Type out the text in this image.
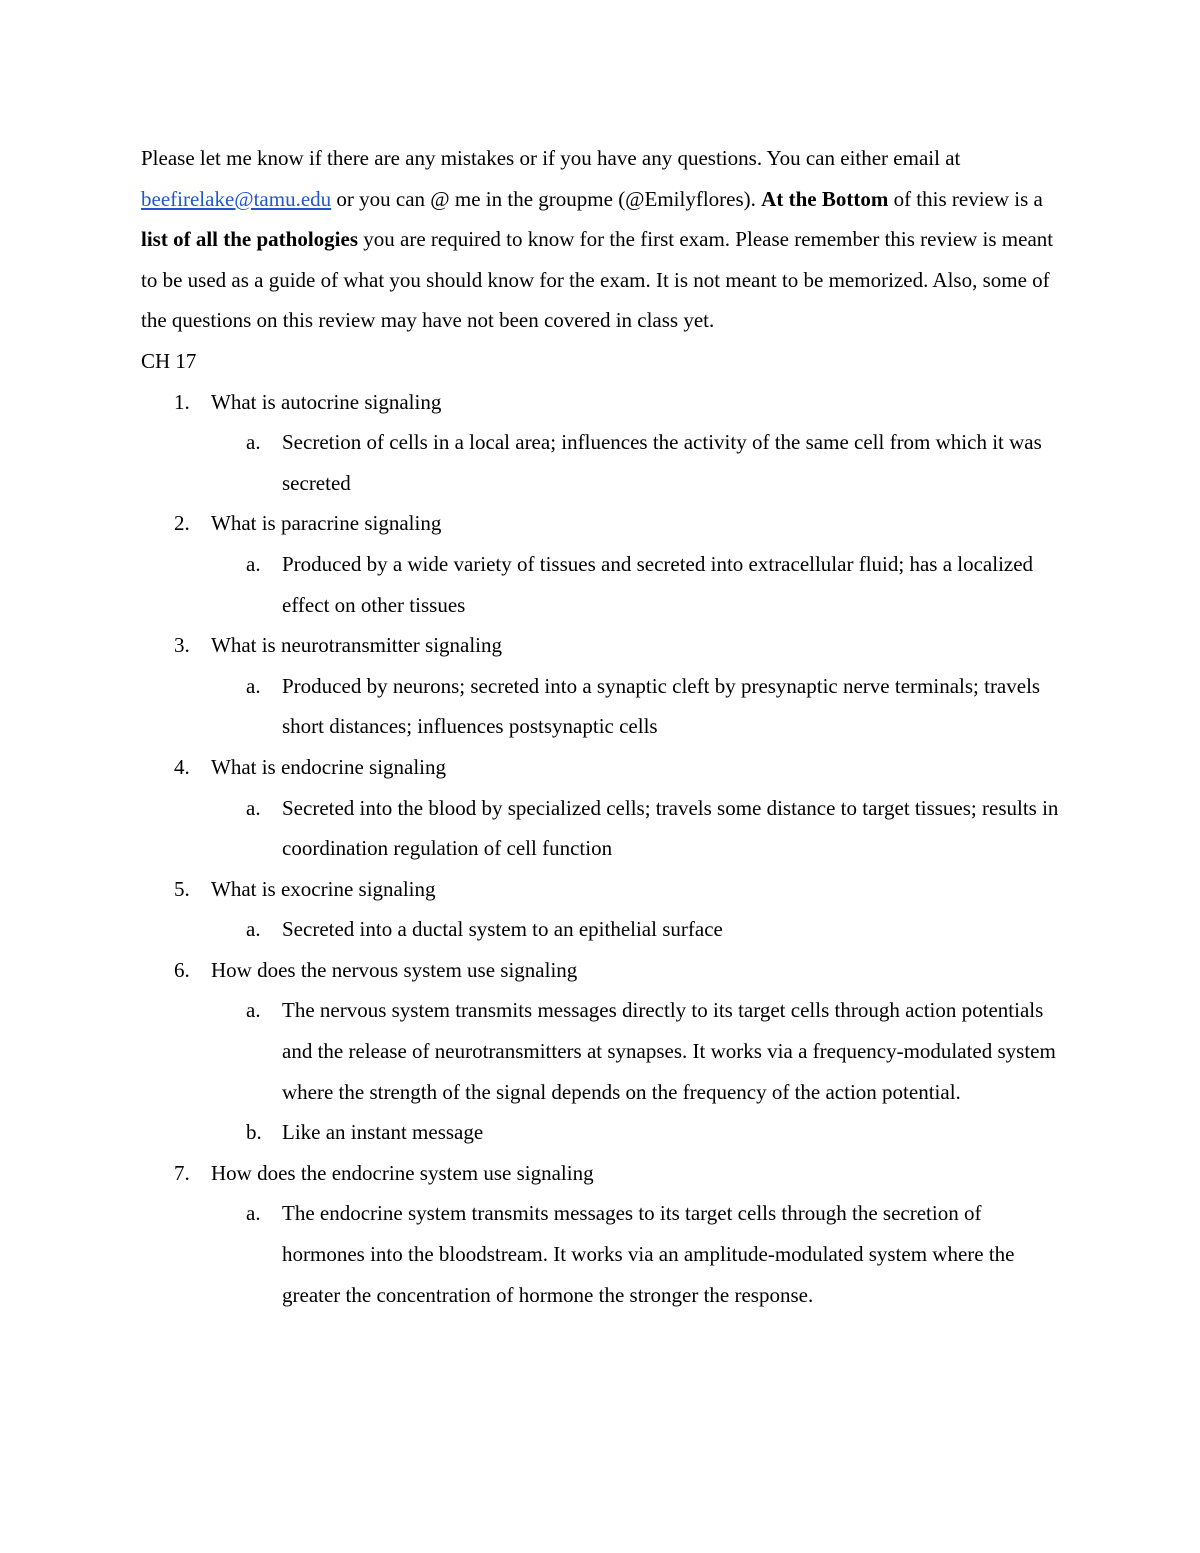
Please let me know if there are any mistakes or if you have any questions. You can either email at beefirelake@tamu.edu or you can @ me in the groupme (@Emilyflores). At the Bottom of this review is a list of all the pathologies you are required to know for the first exam. Please remember this review is meant to be used as a guide of what you should know for the exam. It is not meant to be memorized. Also, some of the questions on this review may have not been covered in class yet.

CH 17
1. What is autocrine signaling
a. Secretion of cells in a local area; influences the activity of the same cell from which it was secreted
2. What is paracrine signaling
a. Produced by a wide variety of tissues and secreted into extracellular fluid; has a localized effect on other tissues
3. What is neurotransmitter signaling
a. Produced by neurons; secreted into a synaptic cleft by presynaptic nerve terminals; travels short distances; influences postsynaptic cells
4. What is endocrine signaling
a. Secreted into the blood by specialized cells; travels some distance to target tissues; results in coordination regulation of cell function
5. What is exocrine signaling
a. Secreted into a ductal system to an epithelial surface
6. How does the nervous system use signaling
a. The nervous system transmits messages directly to its target cells through action potentials and the release of neurotransmitters at synapses. It works via a frequency-modulated system where the strength of the signal depends on the frequency of the action potential.
b. Like an instant message
7. How does the endocrine system use signaling
a. The endocrine system transmits messages to its target cells through the secretion of hormones into the bloodstream. It works via an amplitude-modulated system where the greater the concentration of hormone the stronger the response.
